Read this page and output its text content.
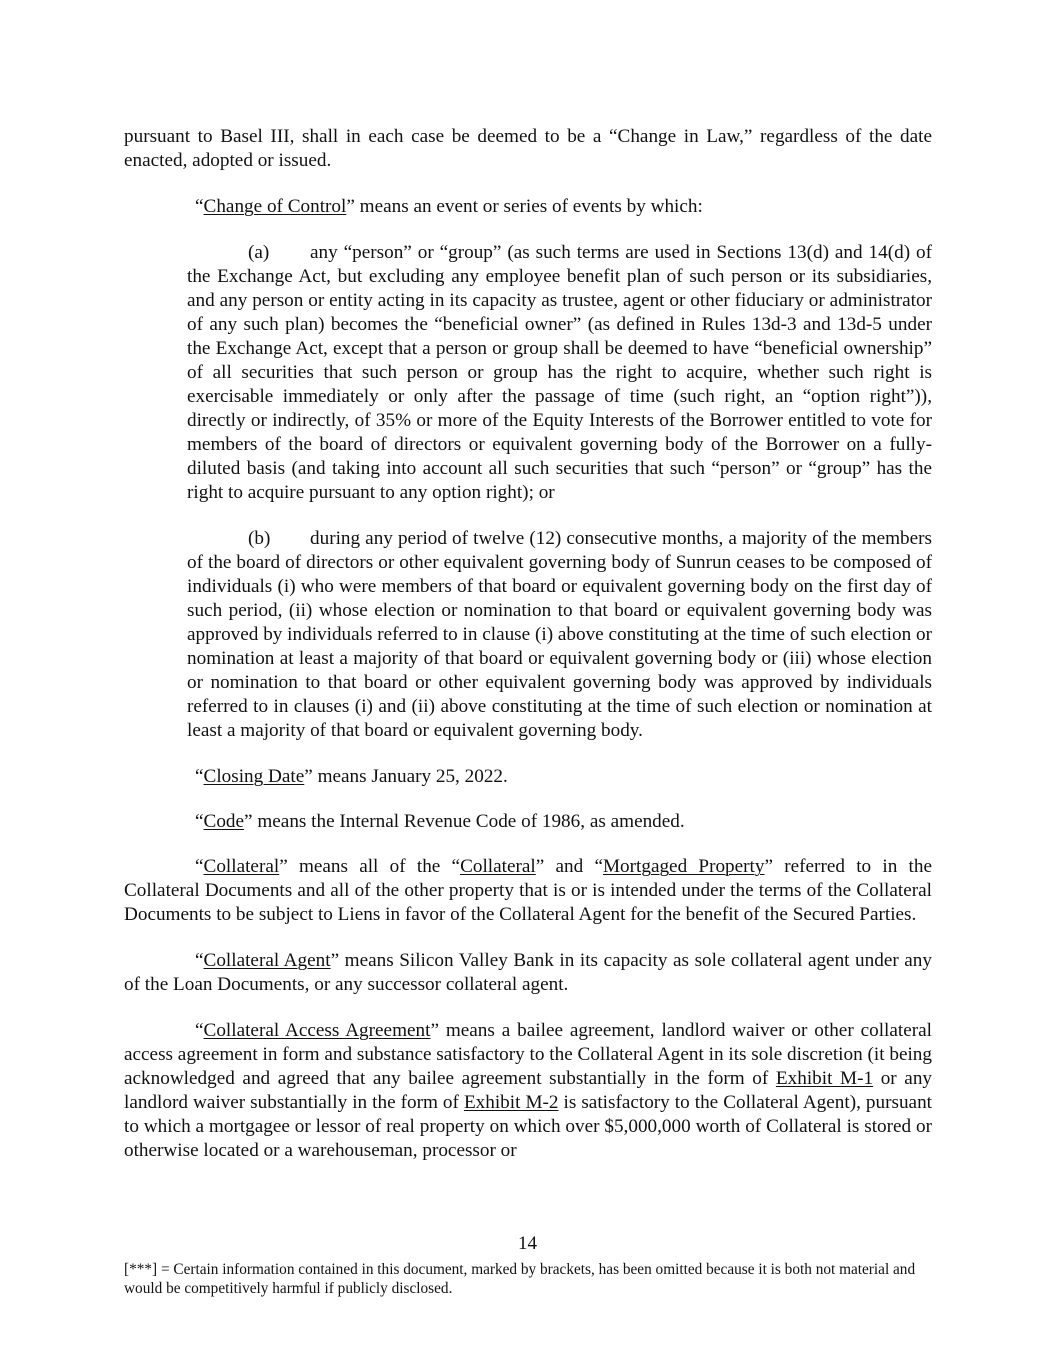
pursuant to Basel III, shall in each case be deemed to be a “Change in Law,” regardless of the date enacted, adopted or issued.

“Change of Control” means an event or series of events by which:

(a) any “person” or “group” (as such terms are used in Sections 13(d) and 14(d) of the Exchange Act, but excluding any employee benefit plan of such person or its subsidiaries, and any person or entity acting in its capacity as trustee, agent or other fiduciary or administrator of any such plan) becomes the “beneficial owner” (as defined in Rules 13d-3 and 13d-5 under the Exchange Act, except that a person or group shall be deemed to have “beneficial ownership” of all securities that such person or group has the right to acquire, whether such right is exercisable immediately or only after the passage of time (such right, an “option right”)), directly or indirectly, of 35% or more of the Equity Interests of the Borrower entitled to vote for members of the board of directors or equivalent governing body of the Borrower on a fully-diluted basis (and taking into account all such securities that such “person” or “group” has the right to acquire pursuant to any option right); or

(b) during any period of twelve (12) consecutive months, a majority of the members of the board of directors or other equivalent governing body of Sunrun ceases to be composed of individuals (i) who were members of that board or equivalent governing body on the first day of such period, (ii) whose election or nomination to that board or equivalent governing body was approved by individuals referred to in clause (i) above constituting at the time of such election or nomination at least a majority of that board or equivalent governing body or (iii) whose election or nomination to that board or other equivalent governing body was approved by individuals referred to in clauses (i) and (ii) above constituting at the time of such election or nomination at least a majority of that board or equivalent governing body.

“Closing Date” means January 25, 2022.

“Code” means the Internal Revenue Code of 1986, as amended.

“Collateral” means all of the “Collateral” and “Mortgaged Property” referred to in the Collateral Documents and all of the other property that is or is intended under the terms of the Collateral Documents to be subject to Liens in favor of the Collateral Agent for the benefit of the Secured Parties.

“Collateral Agent” means Silicon Valley Bank in its capacity as sole collateral agent under any of the Loan Documents, or any successor collateral agent.

“Collateral Access Agreement” means a bailee agreement, landlord waiver or other collateral access agreement in form and substance satisfactory to the Collateral Agent in its sole discretion (it being acknowledged and agreed that any bailee agreement substantially in the form of Exhibit M-1 or any landlord waiver substantially in the form of Exhibit M-2 is satisfactory to the Collateral Agent), pursuant to which a mortgagee or lessor of real property on which over $5,000,000 worth of Collateral is stored or otherwise located or a warehouseman, processor or

14
[***] = Certain information contained in this document, marked by brackets, has been omitted because it is both not material and would be competitively harmful if publicly disclosed.
